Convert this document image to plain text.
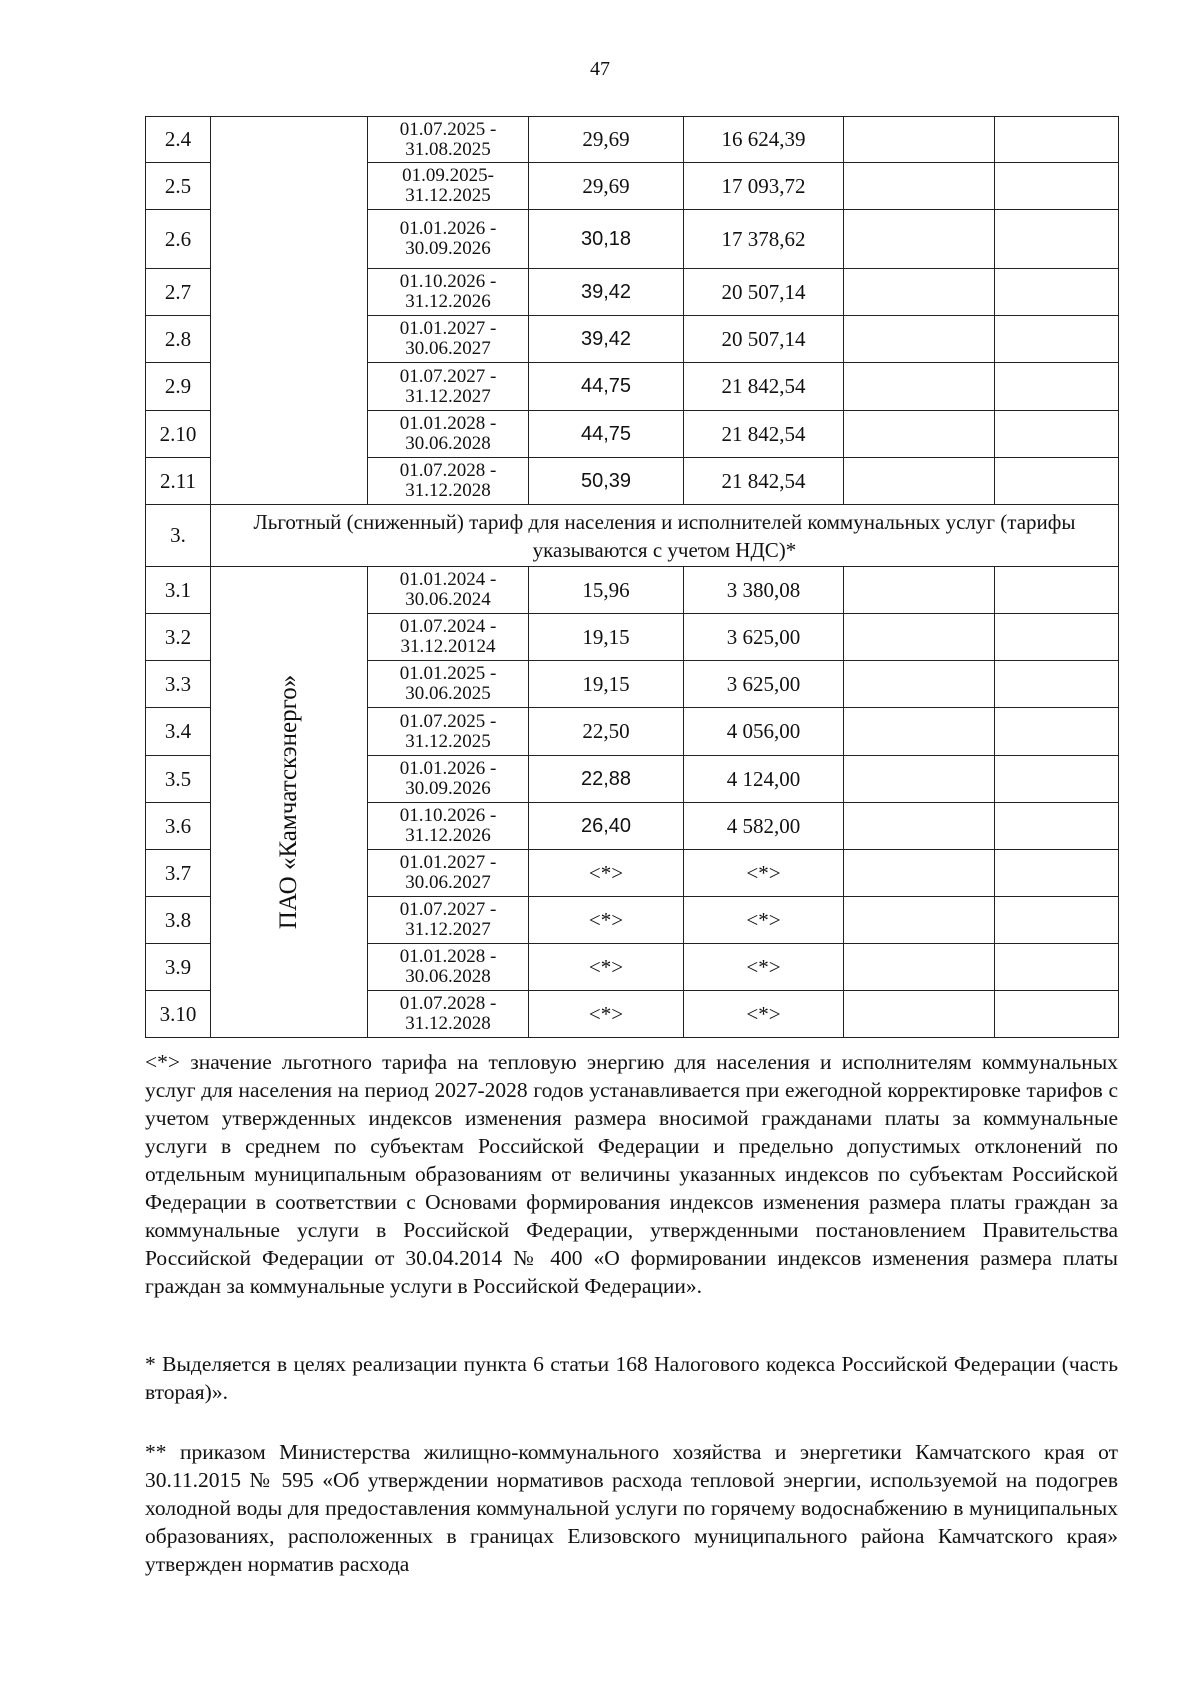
47
2.4		01.07.2025 -
31.08.2025	29,69	16 624,39		
2.5		01.09.2025-
31.12.2025	29,69	17 093,72		
2.6		01.01.2026 -
30.09.2026	30,18	17 378,62		
2.7		01.10.2026 -
31.12.2026	39,42	20 507,14		
2.8		01.01.2027 -
30.06.2027	39,42	20 507,14		
2.9		01.07.2027 -
31.12.2027	44,75	21 842,54		
2.10		01.01.2028 -
30.06.2028	44,75	21 842,54		
2.11		01.07.2028 -
31.12.2028	50,39	21 842,54		
3.	Льготный (сниженный) тариф для населения и исполнителей коммунальных услуг (тарифы указываются с учетом НДС)*					
3.1	ПАО «Камчатскэнерго»	01.01.2024 -
30.06.2024	15,96	3 380,08		
3.2		01.07.2024 -
31.12.20124	19,15	3 625,00		
3.3		01.01.2025 -
30.06.2025	19,15	3 625,00		
3.4		01.07.2025 -
31.12.2025	22,50	4 056,00		
3.5		01.01.2026 -
30.09.2026	22,88	4 124,00		
3.6		01.10.2026 -
31.12.2026	26,40	4 582,00		
3.7		01.01.2027 -
30.06.2027	<*>	<*>		
3.8		01.07.2027 -
31.12.2027	<*>	<*>		
3.9		01.01.2028 -
30.06.2028	<*>	<*>		
3.10		01.07.2028 -
31.12.2028	<*>	<*>		
<*> значение льготного тарифа на тепловую энергию для населения и исполнителям коммунальных услуг для населения на период 2027-2028 годов устанавливается при ежегодной корректировке тарифов с учетом утвержденных индексов изменения размера вносимой гражданами платы за коммунальные услуги в среднем по субъектам Российской Федерации и предельно допустимых отклонений по отдельным муниципальным образованиям от величины указанных индексов по субъектам Российской Федерации в соответствии с Основами формирования индексов изменения размера платы граждан за коммунальные услуги в Российской Федерации, утвержденными постановлением Правительства Российской Федерации от 30.04.2014 № 400 «О формировании индексов изменения размера платы граждан за коммунальные услуги в Российской Федерации».
* Выделяется в целях реализации пункта 6 статьи 168 Налогового кодекса Российской Федерации (часть вторая)».
** приказом Министерства жилищно-коммунального хозяйства и энергетики Камчатского края от 30.11.2015 № 595 «Об утверждении нормативов расхода тепловой энергии, используемой на подогрев холодной воды для предоставления коммунальной услуги по горячему водоснабжению в муниципальных образованиях, расположенных в границах Елизовского муниципального района Камчатского края» утвержден норматив расхода
